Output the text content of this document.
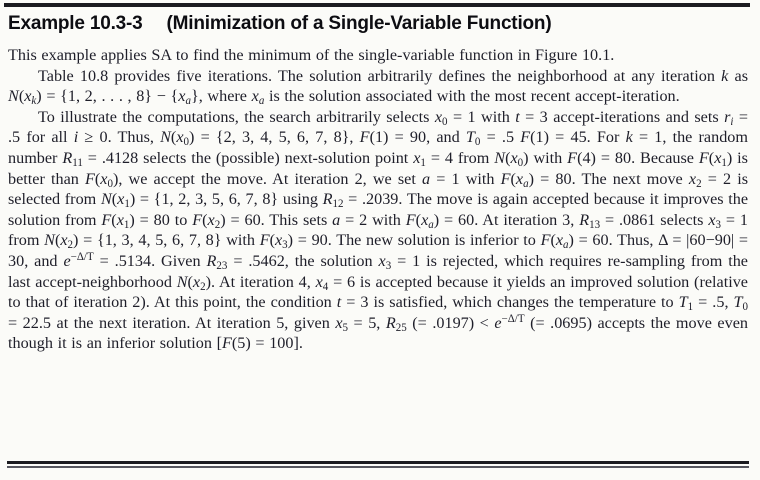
Example 10.3-3 (Minimization of a Single-Variable Function)

This example applies SA to find the minimum of the single-variable function in Figure 10.1.

Table 10.8 provides five iterations. The solution arbitrarily defines the neighborhood at any iteration k as $N(x_k) = \{1$, 2, . . . , $8\} - \{x_a\}$, where $x_a$ is the solution associated with the most recent accept-iteration.

To illustrate the computations, the search arbitrarily selects $x_0 = 1$ with t = 3 accept-iterations and sets $r_i = .5$ for all i ≥ 0. Thus, $N(x_0) = \{2$, 3, 4, 5, 6, 7, 8}, F(1) = 90, and $T_0 = .5$ F(1) = 45. For k = 1, the random number $R_{11} = .4128$ selects the (possible) next-solution point $x_1 = 4$ from $N(x_0)$ with F(4) = 80. Because $F(x_1)$ is better than $F(x_0)$, we accept the move. At iteration 2, we set a = 1 with $F(x_a) = 80$. The next move $x_2 = 2$ is selected from $N(x_1) = \{1$, 2, 3, 5, 6, 7, 8} using $R_{12} = .2039$. The move is again accepted because it improves the solution from $F(x_1) = 80$ to $F(x_2) = 60$. This sets a = 2 with $F(x_a) = 60$. At iteration 3, $R_{13} = .0861$ selects $x_3 = 1$ from $N(x_2) = \{1$, 3, 4, 5, 6, 7, 8} with $F(x_3) = 90$. The new solution is inferior to $F(x_a) = 60$. Thus, Δ = |60−90| = 30, and $e^{-\Delta/T} = .5134$. Given $R_{23} = .5462$, the solution $x_3 = 1$ is rejected, which requires re-sampling from the last accept-neighborhood $N(x_2)$. At iteration 4, $x_4 = 6$ is accepted because it yields an improved solution (relative to that of iteration 2). At this point, the condition t = 3 is satisfied, which changes the temperature to $T_1 = .5$, $T_0 = 22.5$ at the next iteration. At iteration 5, given $x_5 = 5$, $R_{25}$ (= $.0197) < e^{-\Delta/T}$ (= .0695) accepts the move even though it is an inferior solution [F(5) = 100].
